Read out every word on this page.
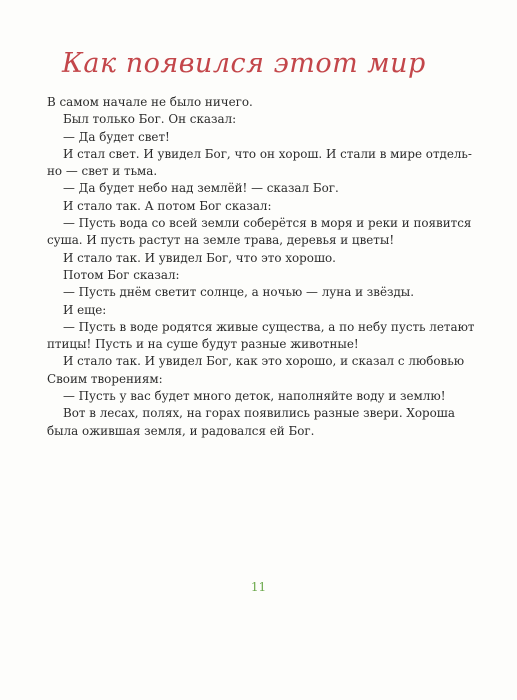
Как появился этот мир

В самом начале не было ничего.

Был только Бог. Он сказал:

— Да будет свет!

И стал свет. И увидел Бог, что он хорош. И стали в мире отдель-

но — свет и тьма.

— Да будет небо над землёй! — сказал Бог.

И стало так. А потом Бог сказал:

— Пусть вода со всей земли соберётся в моря и реки и появится

суша. И пусть растут на земле трава, деревья и цветы!

И стало так. И увидел Бог, что это хорошо.

Потом Бог сказал:

— Пусть днём светит солнце, а ночью — луна и звёзды.

И еще:

— Пусть в воде родятся живые существа, а по небу пусть летают

птицы! Пусть и на суше будут разные животные!

И стало так. И увидел Бог, как это хорошо, и сказал с любовью

Своим творениям:

— Пусть у вас будет много деток, наполняйте воду и землю!

Вот в лесах, полях, на горах появились разные звери. Хороша

была ожившая земля, и радовался ей Бог.

11
